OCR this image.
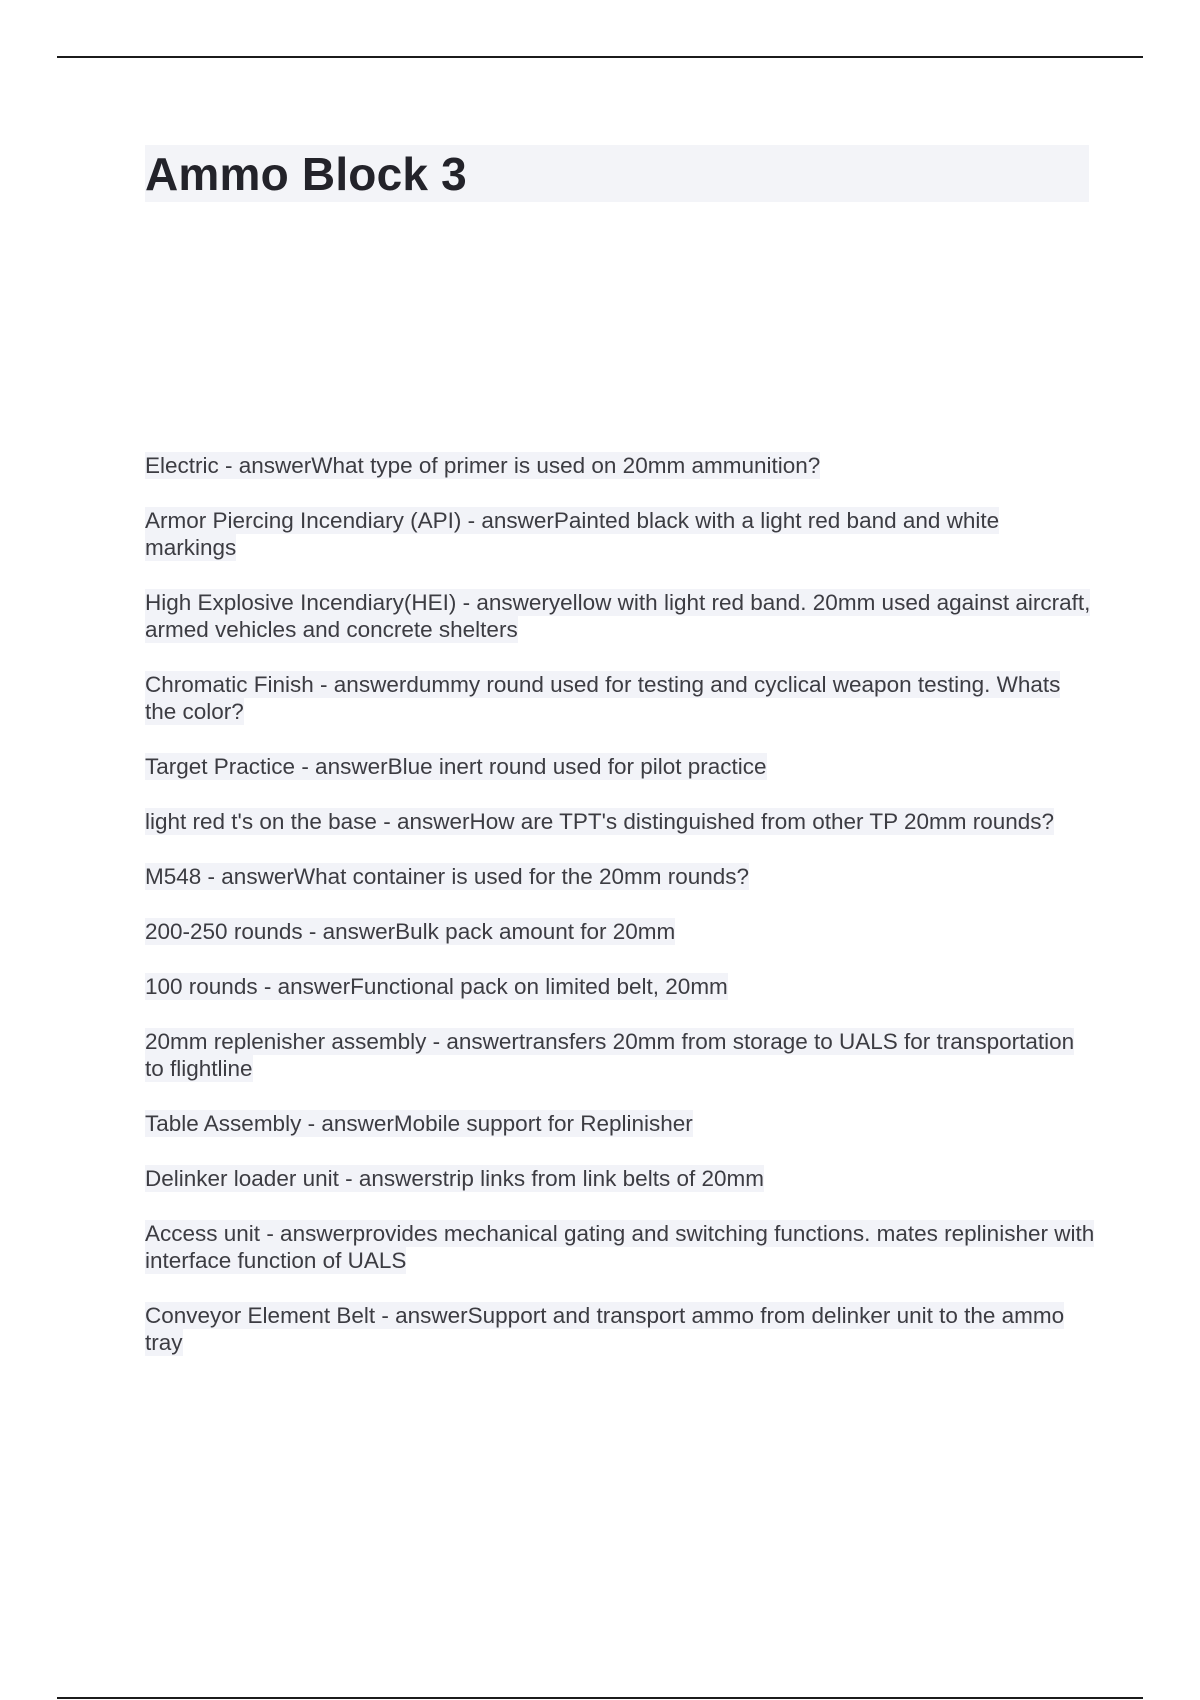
Ammo Block 3

Electric - answerWhat type of primer is used on 20mm ammunition?

Armor Piercing Incendiary (API) - answerPainted black with a light red band and white markings

High Explosive Incendiary(HEI) - answeryellow with light red band. 20mm used against aircraft, armed vehicles and concrete shelters

Chromatic Finish - answerdummy round used for testing and cyclical weapon testing. Whats the color?

Target Practice - answerBlue inert round used for pilot practice

light red t's on the base - answerHow are TPT's distinguished from other TP 20mm rounds?

M548 - answerWhat container is used for the 20mm rounds?

200-250 rounds - answerBulk pack amount for 20mm

100 rounds - answerFunctional pack on limited belt, 20mm

20mm replenisher assembly - answertransfers 20mm from storage to UALS for transportation to flightline

Table Assembly - answerMobile support for Replinisher

Delinker loader unit - answerstrip links from link belts of 20mm

Access unit - answerprovides mechanical gating and switching functions. mates replinisher with interface function of UALS

Conveyor Element Belt - answerSupport and transport ammo from delinker unit to the ammo tray
